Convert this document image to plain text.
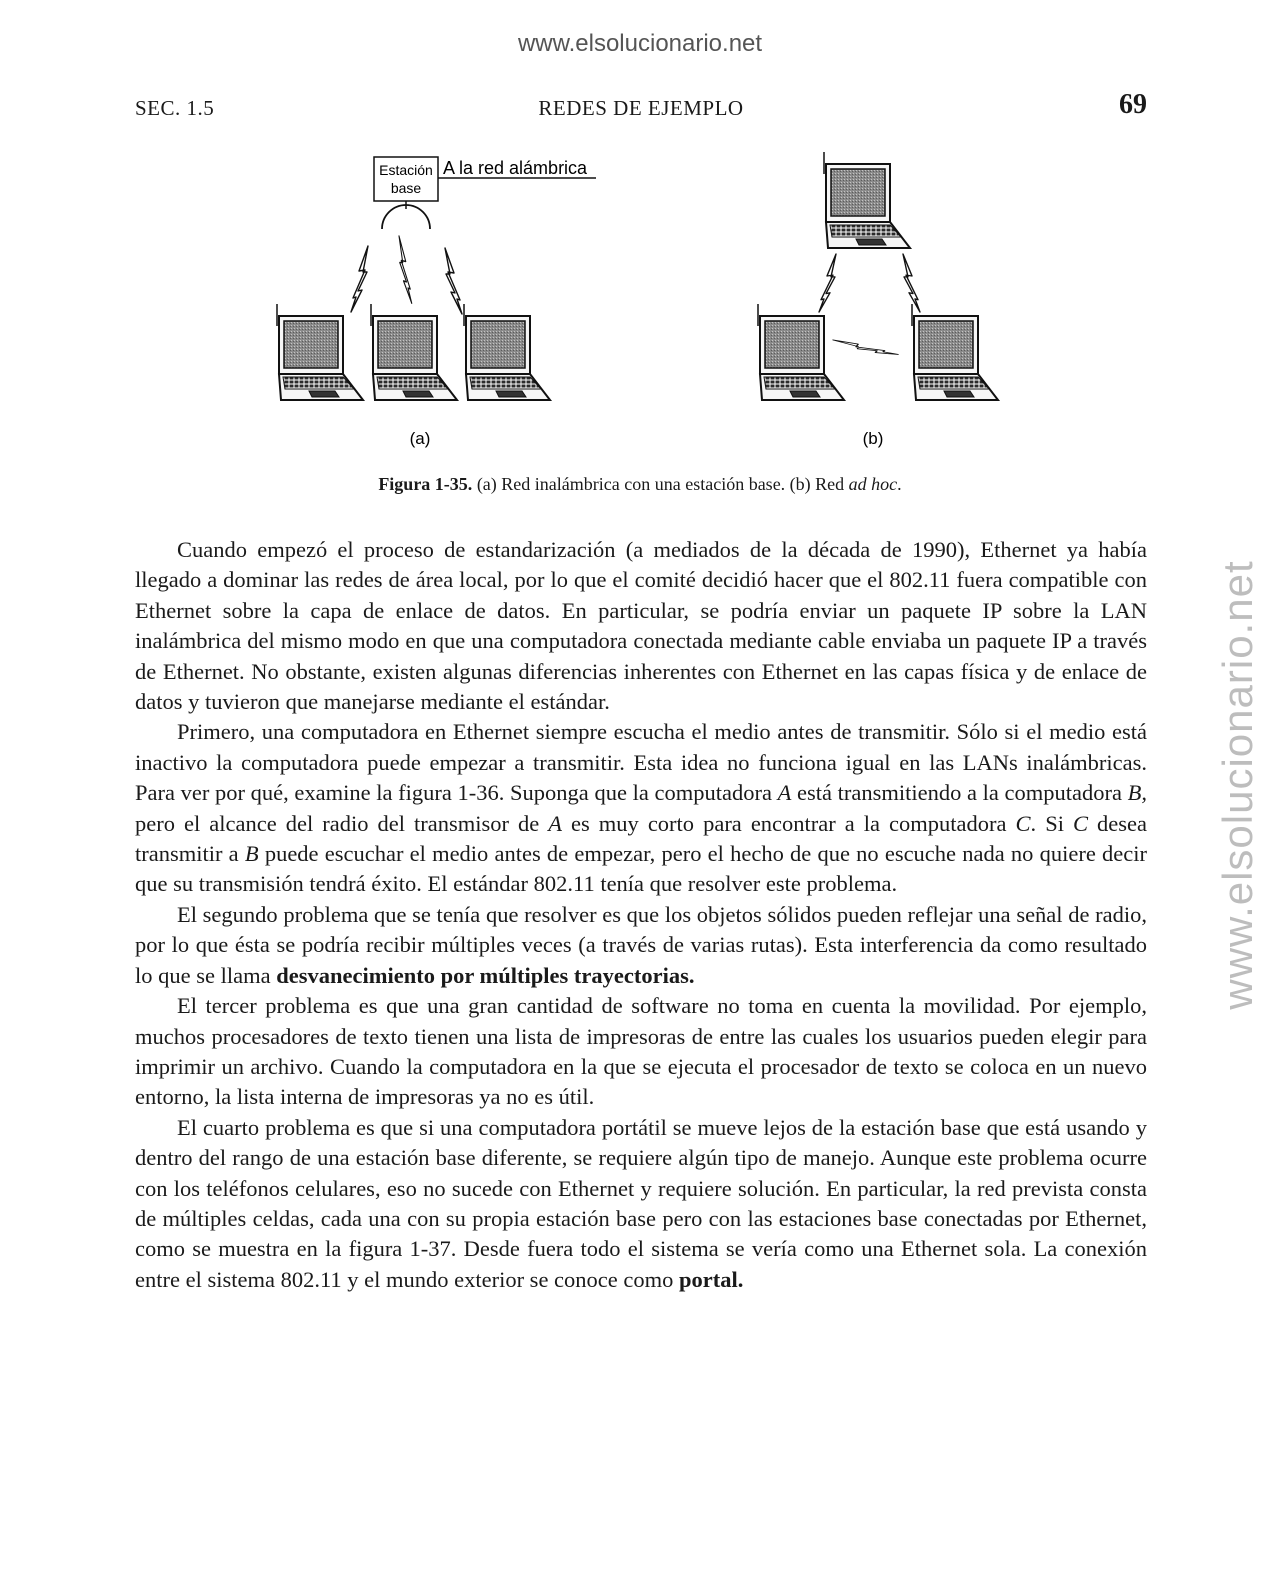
www.elsolucionario.net
www.elsolucionario.net
SEC. 1.5	REDES DE EJEMPLO	69
Estación
base
A la red alámbrica
(a)	(b)
Figura 1-35. (a) Red inalámbrica con una estación base. (b) Red ad hoc.

Cuando empezó el proceso de estandarización (a mediados de la década de 1990), Ethernet ya había llegado a dominar las redes de área local, por lo que el comité decidió hacer que el 802.11 fuera compatible con Ethernet sobre la capa de enlace de datos. En particular, se podría enviar un paquete IP sobre la LAN inalámbrica del mismo modo en que una computadora conectada mediante cable enviaba un paquete IP a través de Ethernet. No obstante, existen algunas diferencias inherentes con Ethernet en las capas física y de enlace de datos y tuvieron que manejarse mediante el estándar.

Primero, una computadora en Ethernet siempre escucha el medio antes de transmitir. Sólo si el medio está inactivo la computadora puede empezar a transmitir. Esta idea no funciona igual en las LANs inalámbricas. Para ver por qué, examine la figura 1-36. Suponga que la computadora A está transmitiendo a la computadora B, pero el alcance del radio del transmisor de A es muy corto para encontrar a la computadora C. Si C desea transmitir a B puede escuchar el medio antes de empezar, pero el hecho de que no escuche nada no quiere decir que su transmisión tendrá éxito. El estándar 802.11 tenía que resolver este problema.

El segundo problema que se tenía que resolver es que los objetos sólidos pueden reflejar una señal de radio, por lo que ésta se podría recibir múltiples veces (a través de varias rutas). Esta interferencia da como resultado lo que se llama desvanecimiento por múltiples trayectorias.

El tercer problema es que una gran cantidad de software no toma en cuenta la movilidad. Por ejemplo, muchos procesadores de texto tienen una lista de impresoras de entre las cuales los usuarios pueden elegir para imprimir un archivo. Cuando la computadora en la que se ejecuta el procesador de texto se coloca en un nuevo entorno, la lista interna de impresoras ya no es útil.

El cuarto problema es que si una computadora portátil se mueve lejos de la estación base que está usando y dentro del rango de una estación base diferente, se requiere algún tipo de manejo. Aunque este problema ocurre con los teléfonos celulares, eso no sucede con Ethernet y requiere solución. En particular, la red prevista consta de múltiples celdas, cada una con su propia estación base pero con las estaciones base conectadas por Ethernet, como se muestra en la figura 1-37. Desde fuera todo el sistema se vería como una Ethernet sola. La conexión entre el sistema 802.11 y el mundo exterior se conoce como portal.
